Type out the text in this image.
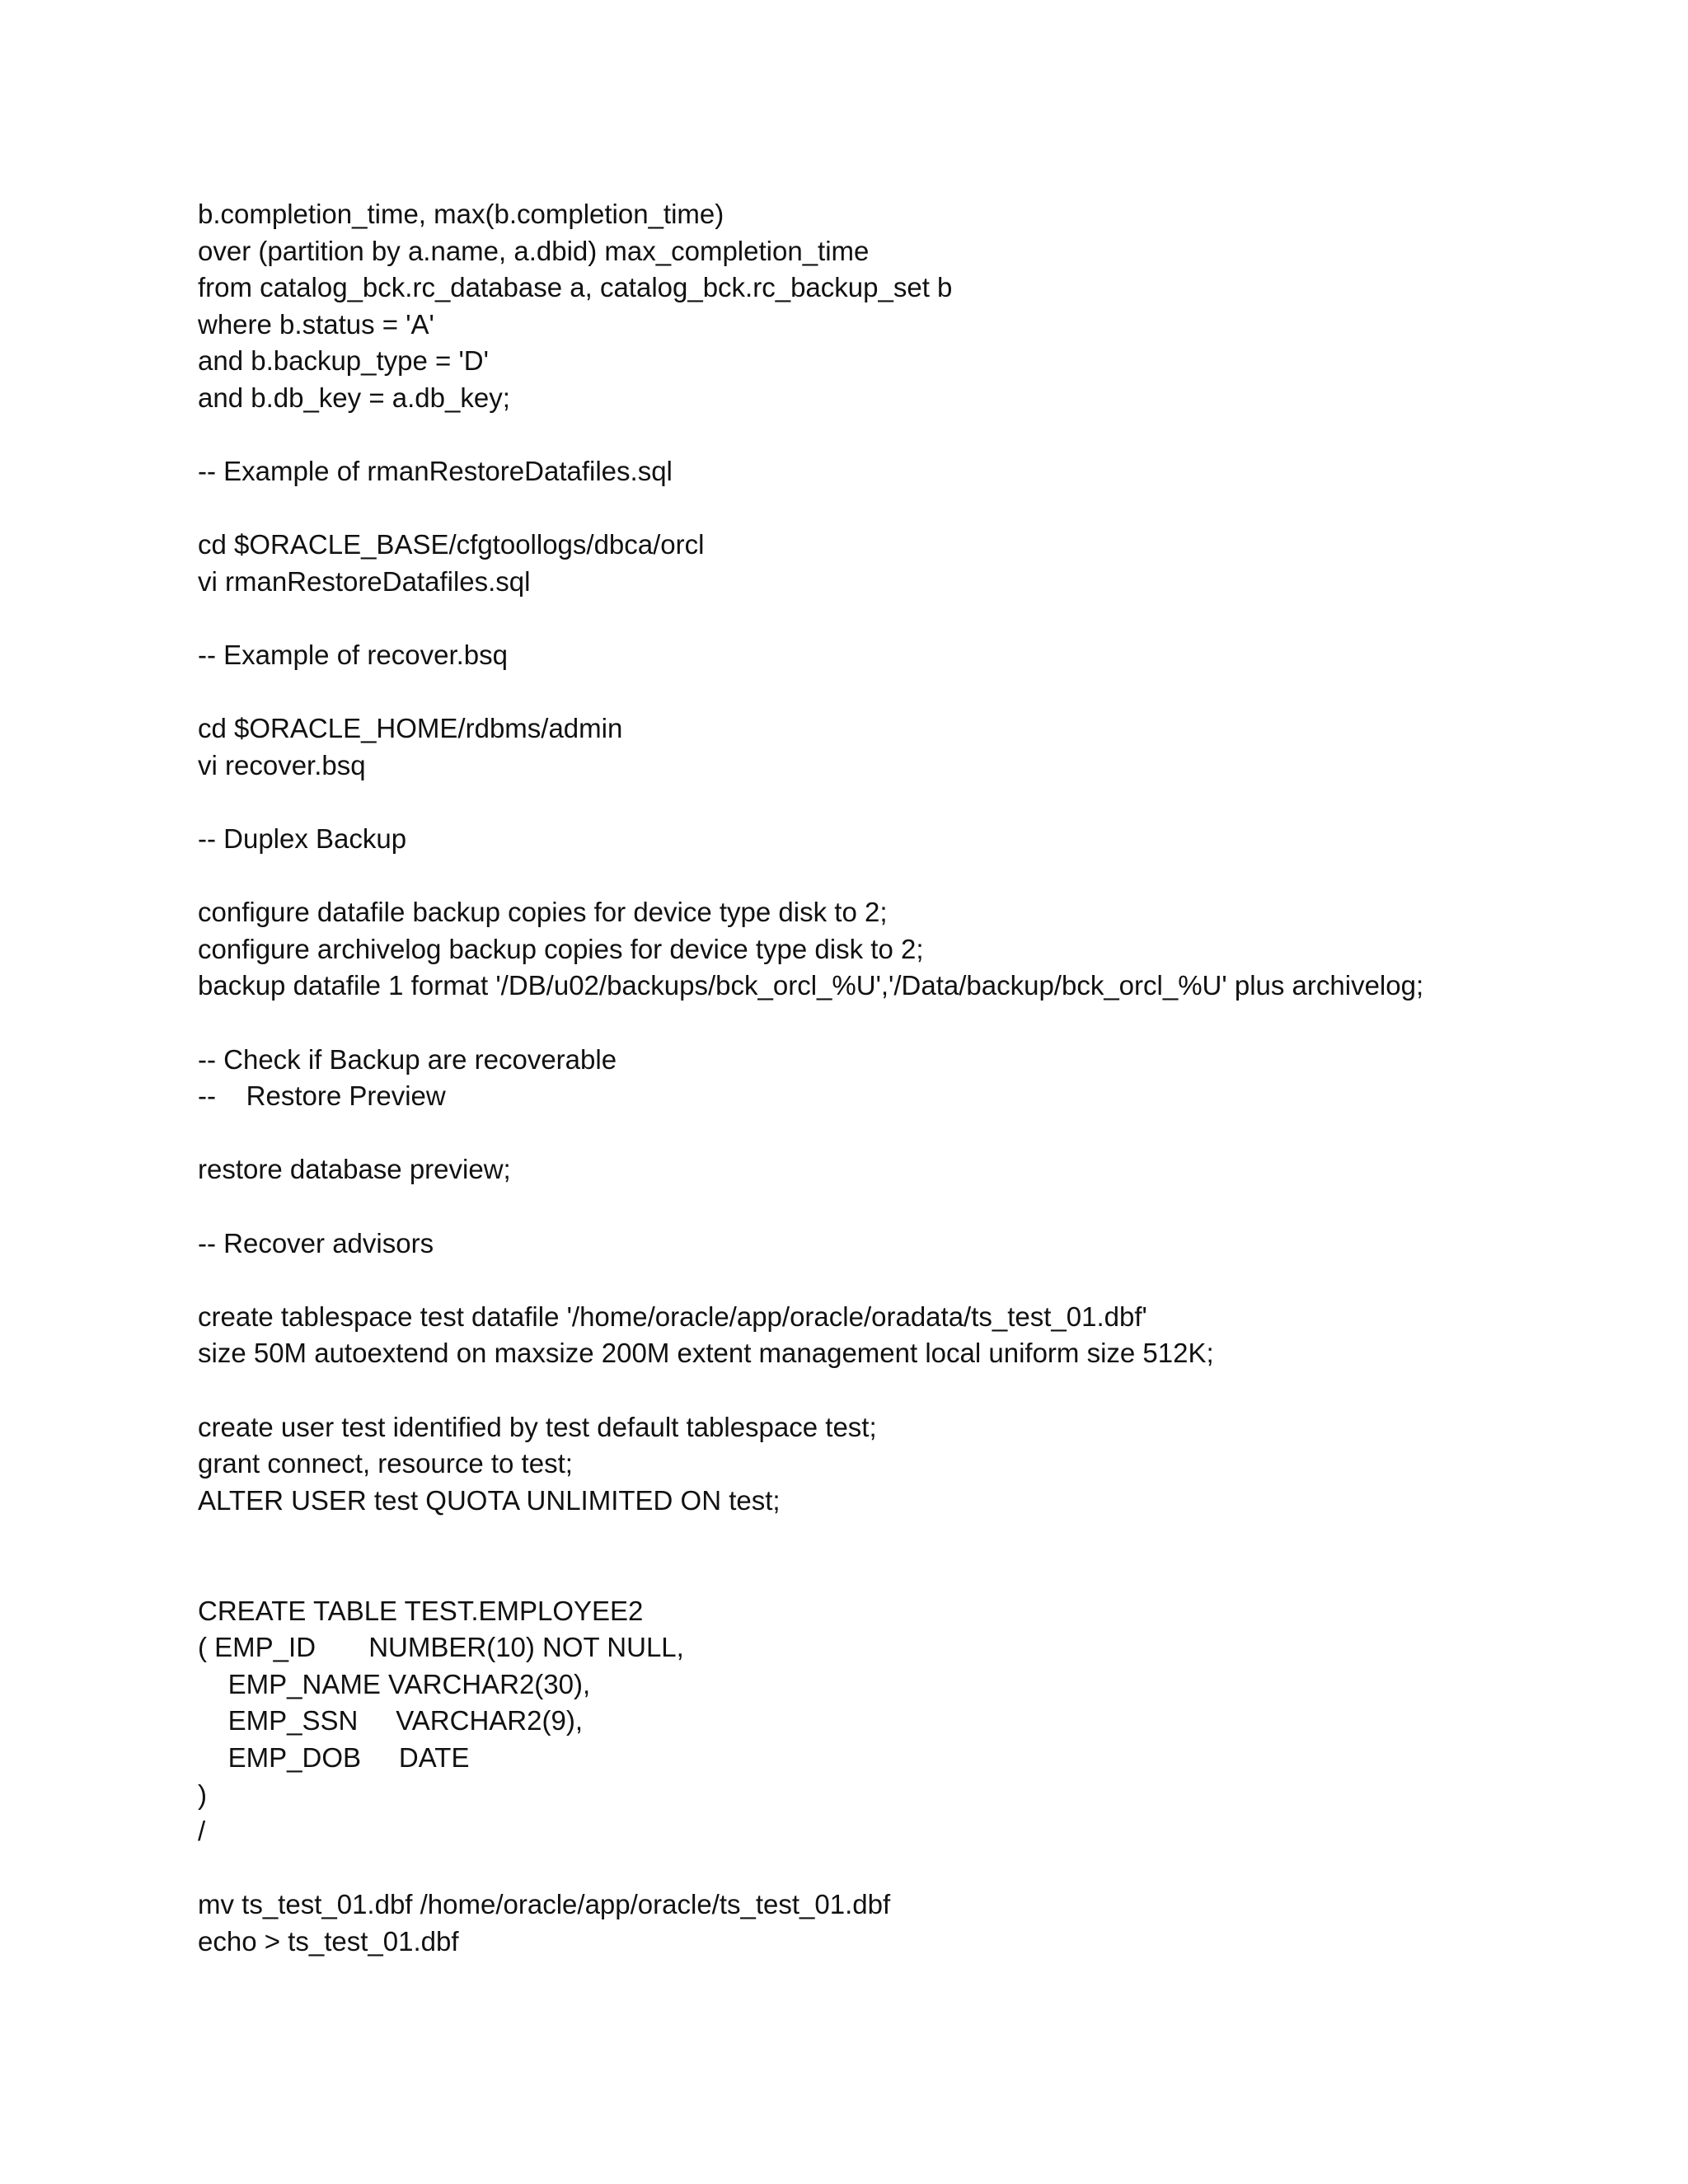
b.completion_time, max(b.completion_time)
over (partition by a.name, a.dbid) max_completion_time
from catalog_bck.rc_database a, catalog_bck.rc_backup_set b
where b.status = 'A'
and b.backup_type = 'D'
and b.db_key = a.db_key;
-- Example of rmanRestoreDatafiles.sql
cd $ORACLE_BASE/cfgtoollogs/dbca/orcl
vi rmanRestoreDatafiles.sql
-- Example of recover.bsq
cd $ORACLE_HOME/rdbms/admin
vi recover.bsq
-- Duplex Backup
configure datafile backup copies for device type disk to 2;
configure archivelog backup copies for device type disk to 2;
backup datafile 1 format '/DB/u02/backups/bck_orcl_%U','/Data/backup/bck_orcl_%U' plus archivelog;
-- Check if Backup are recoverable
--    Restore Preview
restore database preview;
-- Recover advisors
create tablespace test datafile '/home/oracle/app/oracle/oradata/ts_test_01.dbf'
size 50M autoextend on maxsize 200M extent management local uniform size 512K;
create user test identified by test default tablespace test;
grant connect, resource to test;
ALTER USER test QUOTA UNLIMITED ON test;
CREATE TABLE TEST.EMPLOYEE2
( EMP_ID       NUMBER(10) NOT NULL,
EMP_NAME VARCHAR2(30),
EMP_SSN     VARCHAR2(9),
EMP_DOB     DATE
)
/
mv ts_test_01.dbf /home/oracle/app/oracle/ts_test_01.dbf
echo > ts_test_01.dbf
